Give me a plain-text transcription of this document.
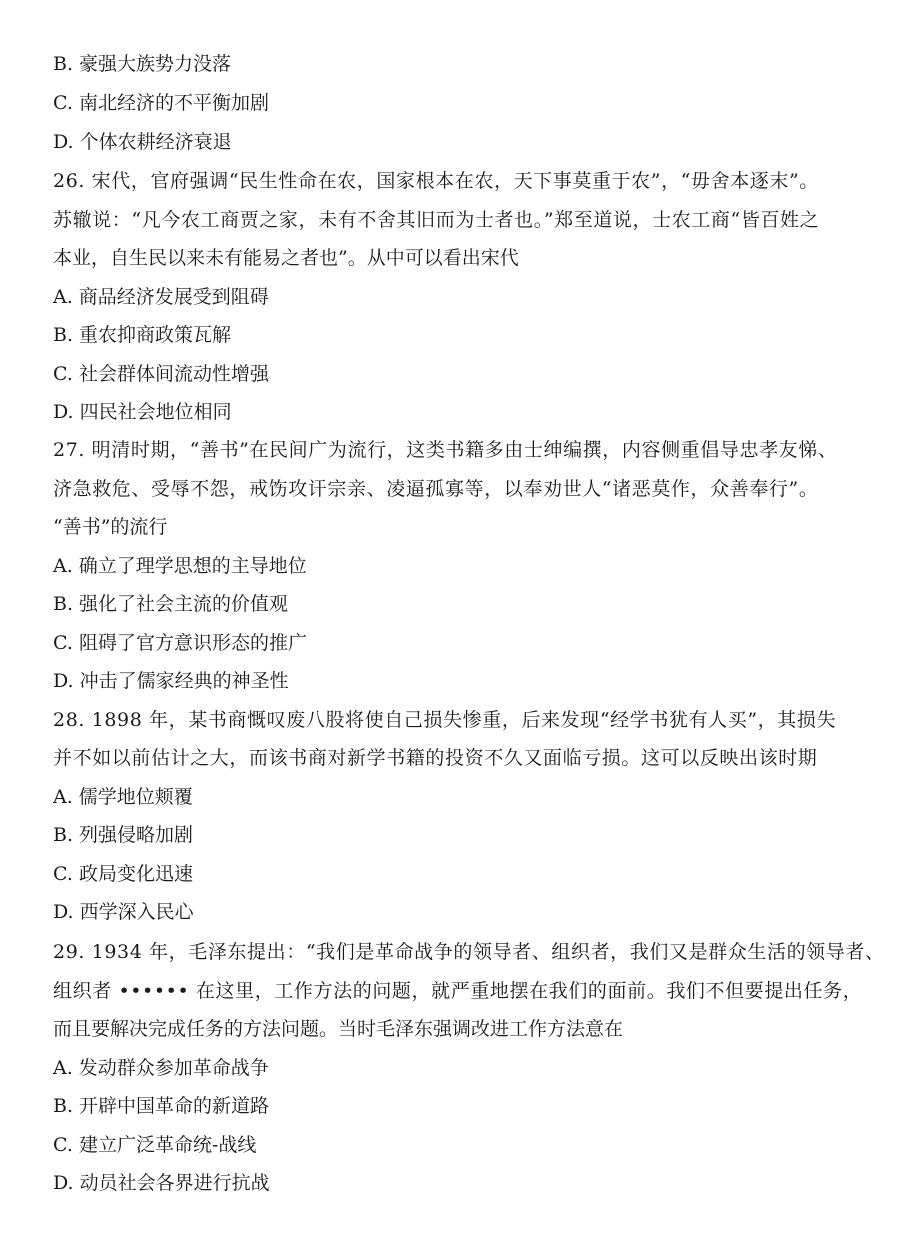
B. 豪强大族势力没落
C. 南北经济的不平衡加剧
D. 个体农耕经济衰退
26. 宋代，官府强调“民生性命在农，国家根本在农，天下事莫重于农”，“毋舍本逐末”。
苏辙说：“凡今农工商贾之家，未有不舍其旧而为士者也。”郑至道说，士农工商“皆百姓之
本业，自生民以来未有能易之者也”。从中可以看出宋代
A. 商品经济发展受到阻碍
B. 重农抑商政策瓦解
C. 社会群体间流动性增强
D. 四民社会地位相同
27. 明清时期，“善书”在民间广为流行，这类书籍多由士绅编撰，内容侧重倡导忠孝友悌、
济急救危、受辱不怨，戒饬攻讦宗亲、凌逼孤寡等，以奉劝世人“诸恶莫作，众善奉行”。
“善书”的流行
A. 确立了理学思想的主导地位
B. 强化了社会主流的价值观
C. 阻碍了官方意识形态的推广
D. 冲击了儒家经典的神圣性
28. 1898 年，某书商慨叹废八股将使自己损失惨重，后来发现“经学书犹有人买”，其损失
并不如以前估计之大，而该书商对新学书籍的投资不久又面临亏损。这可以反映出该时期
A. 儒学地位颊覆
B. 列强侵略加剧
C. 政局变化迅速
D. 西学深入民心
29. 1934 年，毛泽东提出：“我们是革命战争的领导者、组织者，我们又是群众生活的领导者、
组织者 •••••• 在这里，工作方法的问题，就严重地摆在我们的面前。我们不但要提出任务，
而且要解决完成任务的方法问题。当时毛泽东强调改进工作方法意在
A. 发动群众参加革命战争
B. 开辟中国革命的新道路
C. 建立广泛革命统-战线
D. 动员社会各界进行抗战
